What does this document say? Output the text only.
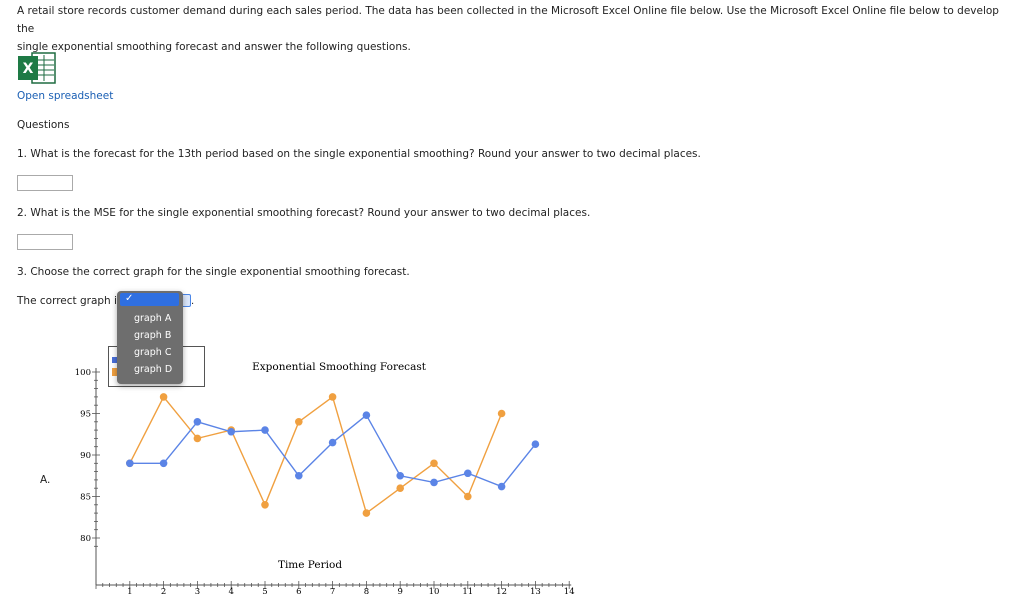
A retail store records customer demand during each sales period. The data has been collected in the Microsoft Excel Online file below. Use the Microsoft Excel Online file below to develop the
single exponential smoothing forecast and answer the following questions.
X
Open spreadsheet
Questions
1. What is the forecast for the 13th period based on the single exponential smoothing? Round your answer to two decimal places.
2. What is the MSE for the single exponential smoothing forecast? Round your answer to two decimal places.
3. Choose the correct graph for the single exponential smoothing forecast.
The correct graph i
80
85
90
95
100
1	2	3	4	5	6	7	8	9	10	11	12	13	14
Exponential Smoothing Forecast
Time Period
A.
.
✓
graph A
graph B
graph C
graph D
